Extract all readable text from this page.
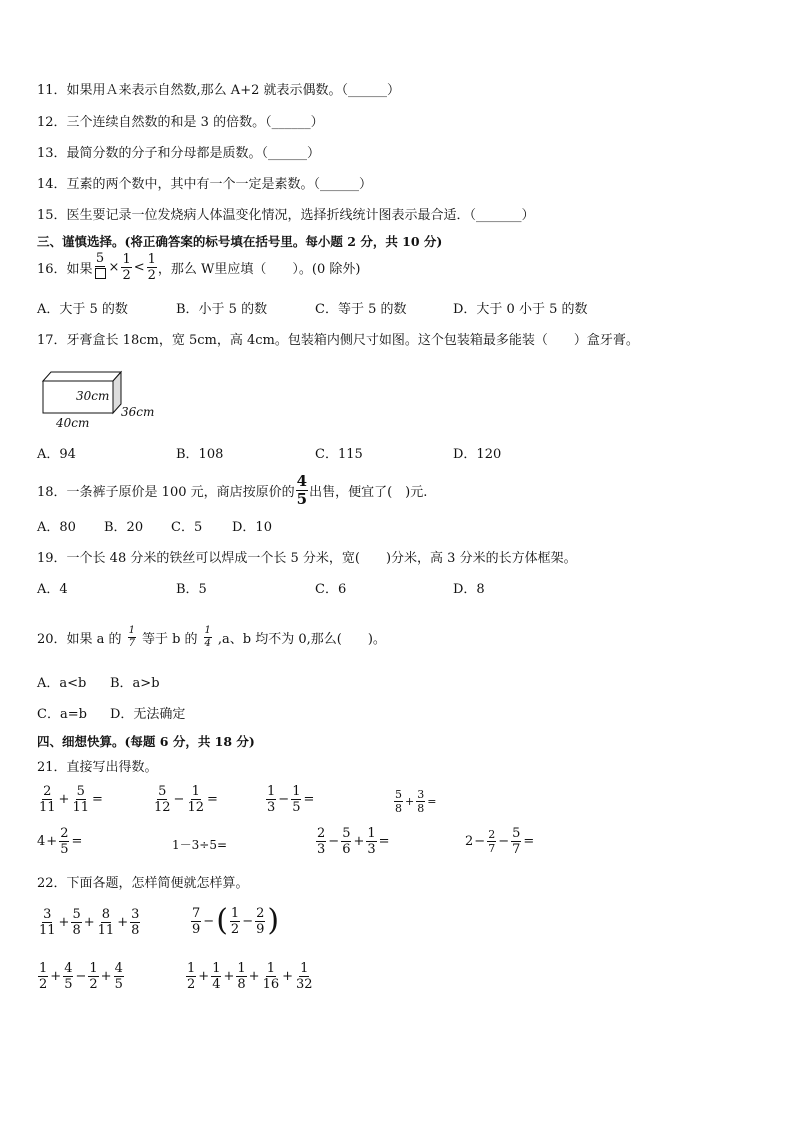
11．如果用Ａ来表示自然数,那么 A+2 就表示偶数。（______）
12．三个连续自然数的和是 3 的倍数。（______）
13．最简分数的分子和分母都是质数。（______）
14．互素的两个数中，其中有一个一定是素数。（______）
15．医生要记录一位发烧病人体温变化情况，选择折线统计图表示最合适．（_______）
三、谨慎选择。(将正确答案的标号填在括号里。每小题 2 分，共 10 分)
16．如果
5
× $\frac{1}{2} < \frac{1}{2}$ ，那么 W里应填（　　）。(0 除外)
A．大于 5 的数	B．小于 5 的数	C．等于 5 的数	D．大于 0 小于 5 的数
17．牙膏盒长 18cm，宽 5cm，高 4cm。包装箱内侧尺寸如图。这个包装箱最多能装（　　）盒牙膏。
30cm
36cm
40cm
A．94	B．108	C．115	D．120
18．一条裤子原价是 100 元，商店按原价的 $\frac{4}{5}$ 出售，便宜了(　)元.
A．80 B．20 C．5 D．10
19．一个长 48 分米的铁丝可以焊成一个长 5 分米，宽(　　)分米，高 3 分米的长方体框架。
A．4	B．5	C．6	D．8
20．如果 a 的 $\frac{1}{7}$ 等于 b 的 $\frac{1}{4} ,a$、b 均不为 0,那么(　　)。
A．a<b B．a>b
C．a=b D．无法确定
四、细想快算。(每题 6 分，共 18 分)
21．直接写出得数。
$\frac{2}{11} + \frac{5}{11}$ =	$\frac{5}{12} - \frac{1}{12}$ =	$\frac{1}{3} - \frac{1}{5}$ =	$\frac{5}{8} + \frac{3}{8}$ =
$4 + \frac{2}{5}$ =	1－3÷5=	$\frac{2}{3} - \frac{5}{6} + \frac{1}{3}$ =	$2 - \frac{2}{7} - \frac{5}{7}$ =
22．下面各题，怎样简便就怎样算。
$\frac{3}{11} + \frac{5}{8} + \frac{8}{11} + \frac{3}{8}$	$\frac{7}{9}$ − ( $\frac{1}{2} - \frac{2}{9}$ )
$\frac{1}{2} + \frac{4}{5} - \frac{1}{2} + \frac{4}{5}$	$\frac{1}{2} + \frac{1}{4} + \frac{1}{8} + \frac{1}{16} + \frac{1}{32}$
